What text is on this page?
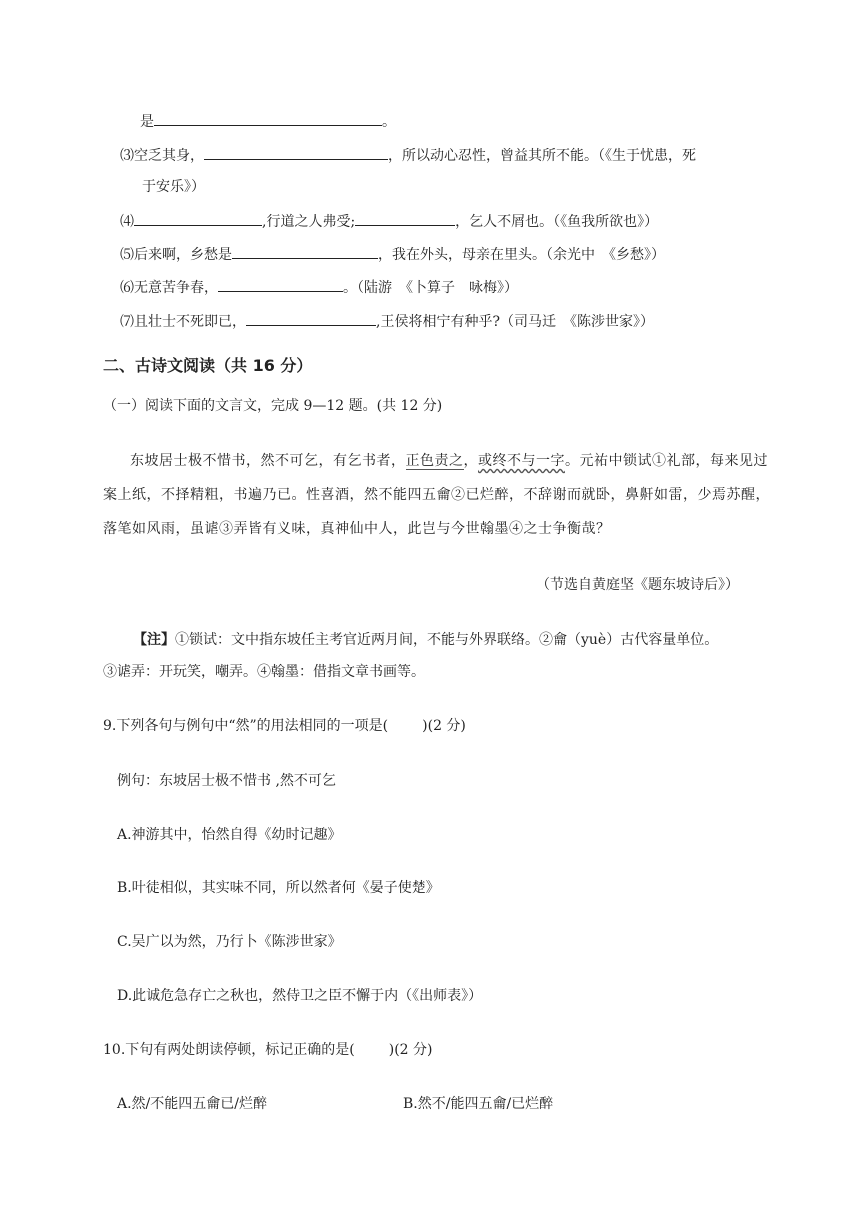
是	。
⑶空乏其身，	，所以动心忍性，曾益其所不能。（《生于忧患，死
于安乐》）
⑷	,行道之人弗受;	，乞人不屑也。（《鱼我所欲也》）
⑸后来啊，乡愁是	，我在外头，母亲在里头。（余光中　《乡愁》）
⑹无意苦争春，	。（陆游　《卜算子　咏梅》）
⑺且壮士不死即已，	,王侯将相宁有种乎?（司马迁　《陈涉世家》）
二、古诗文阅读（共 16 分）
（一）阅读下面的文言文，完成 9—12 题。(共 12 分)
东坡居士极不惜书，然不可乞，有乞书者，正色责之，或终不与一字。元祐中锁试①礼部，每来见过
案上纸，不择精粗，书遍乃已。性喜酒，然不能四五龠②已烂醉，不辞谢而就卧，鼻鼾如雷，少焉苏醒，
落笔如风雨，虽谑③弄皆有义味，真神仙中人，此岂与今世翰墨④之士争衡哉？
（节选自黄庭坚《题东坡诗后》）
【注】①锁试：文中指东坡任主考官近两月间，不能与外界联络。②龠（yuè）古代容量单位。
③谑弄：开玩笑，嘲弄。④翰墨：借指文章书画等。
9.下列各句与例句中“然”的用法相同的一项是( )(2 分)
例句：东坡居士极不惜书 ,然不可乞
A.神游其中，怡然自得《幼时记趣》
B.叶徒相似，其实味不同，所以然者何《晏子使楚》
C.吴广以为然，乃行卜《陈涉世家》
D.此诚危急存亡之秋也，然侍卫之臣不懈于内（《出师表》）
10.下句有两处朗读停顿，标记正确的是( )(2 分)
A.然/不能四五龠已/烂醉	B.然不/能四五龠/已烂醉
